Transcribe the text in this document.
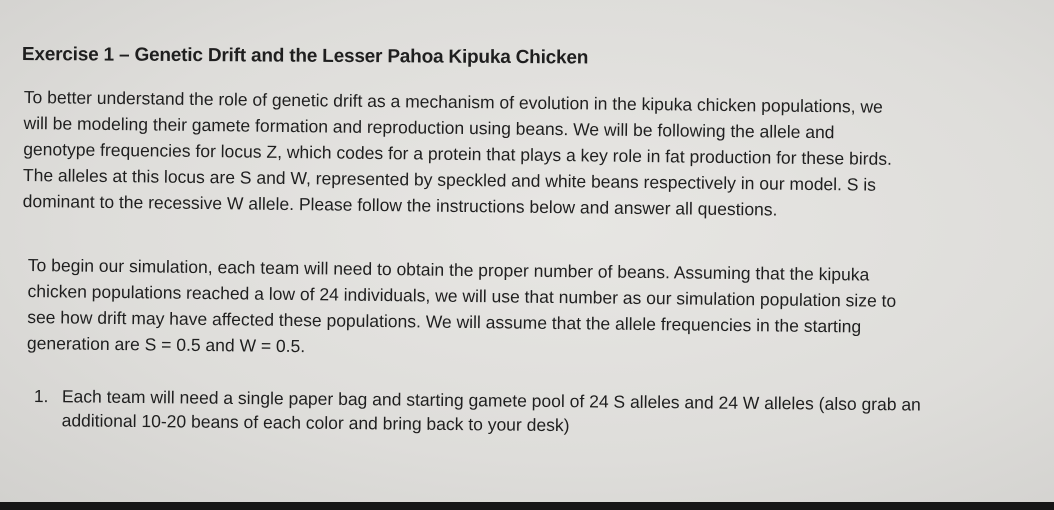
Exercise 1 – Genetic Drift and the Lesser Pahoa Kipuka Chicken

To better understand the role of genetic drift as a mechanism of evolution in the kipuka chicken populations, we
will be modeling their gamete formation and reproduction using beans. We will be following the allele and
genotype frequencies for locus Z, which codes for a protein that plays a key role in fat production for these birds.
The alleles at this locus are S and W, represented by speckled and white beans respectively in our model. S is
dominant to the recessive W allele. Please follow the instructions below and answer all questions.

To begin our simulation, each team will need to obtain the proper number of beans. Assuming that the kipuka
chicken populations reached a low of 24 individuals, we will use that number as our simulation population size to
see how drift may have affected these populations. We will assume that the allele frequencies in the starting
generation are S = 0.5 and W = 0.5.

1. Each team will need a single paper bag and starting gamete pool of 24 S alleles and 24 W alleles (also grab an
additional 10-20 beans of each color and bring back to your desk)
